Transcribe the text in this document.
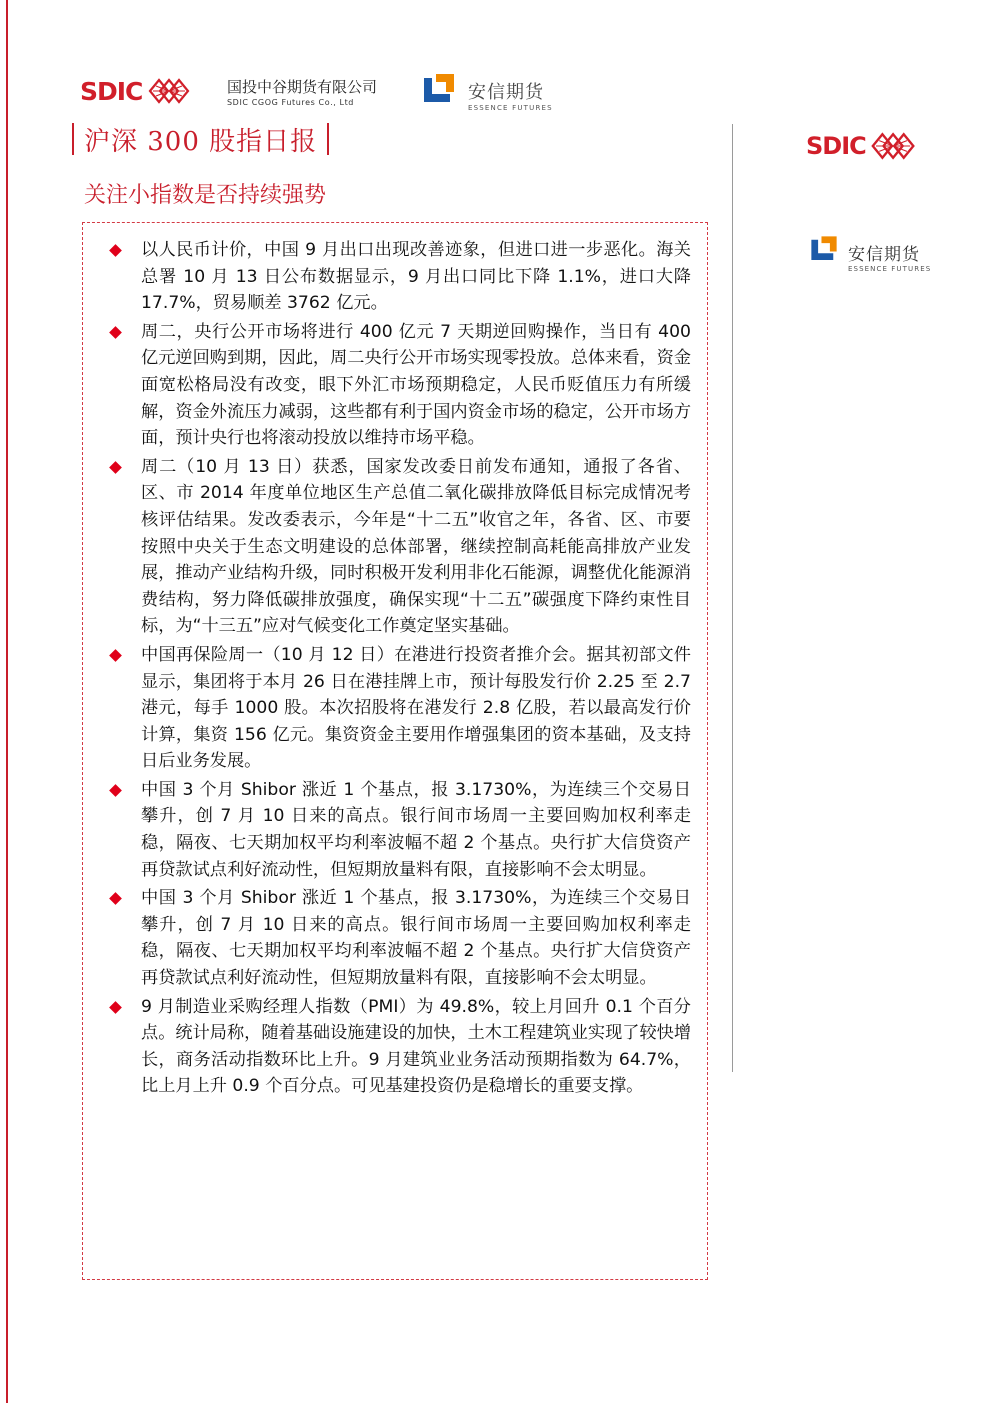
SDIC	国投中谷期货有限公司
SDIC CGOG Futures Co., Ltd	安信期货
ESSENCE FUTURES
沪深 300 股指日报
关注小指数是否持续强势
以人民币计价，中国 9 月出口出现改善迹象，但进口进一步恶化。海关总署 10 月 13 日公布数据显示，9 月出口同比下降 1.1%，进口大降 17.7%，贸易顺差 3762 亿元。
周二，央行公开市场将进行 400 亿元 7 天期逆回购操作，当日有 400 亿元逆回购到期，因此，周二央行公开市场实现零投放。总体来看，资金面宽松格局没有改变，眼下外汇市场预期稳定，人民币贬值压力有所缓解，资金外流压力减弱，这些都有利于国内资金市场的稳定，公开市场方面，预计央行也将滚动投放以维持市场平稳。
周二（10 月 13 日）获悉，国家发改委日前发布通知，通报了各省、区、市 2014 年度单位地区生产总值二氧化碳排放降低目标完成情况考核评估结果。发改委表示，今年是“十二五”收官之年，各省、区、市要按照中央关于生态文明建设的总体部署，继续控制高耗能高排放产业发展，推动产业结构升级，同时积极开发利用非化石能源，调整优化能源消费结构，努力降低碳排放强度，确保实现“十二五”碳强度下降约束性目标，为“十三五”应对气候变化工作奠定坚实基础。
中国再保险周一（10 月 12 日）在港进行投资者推介会。据其初部文件显示，集团将于本月 26 日在港挂牌上市，预计每股发行价 2.25 至 2.7 港元，每手 1000 股。本次招股将在港发行 2.8 亿股，若以最高发行价计算，集资 156 亿元。集资资金主要用作增强集团的资本基础，及支持日后业务发展。
中国 3 个月 Shibor 涨近 1 个基点，报 3.1730%，为连续三个交易日攀升，创 7 月 10 日来的高点。银行间市场周一主要回购加权利率走稳，隔夜、七天期加权平均利率波幅不超 2 个基点。央行扩大信贷资产再贷款试点利好流动性，但短期放量料有限，直接影响不会太明显。
中国 3 个月 Shibor 涨近 1 个基点，报 3.1730%，为连续三个交易日攀升，创 7 月 10 日来的高点。银行间市场周一主要回购加权利率走稳，隔夜、七天期加权平均利率波幅不超 2 个基点。央行扩大信贷资产再贷款试点利好流动性，但短期放量料有限，直接影响不会太明显。
9 月制造业采购经理人指数（PMI）为 49.8%，较上月回升 0.1 个百分点。统计局称，随着基础设施建设的加快，土木工程建筑业实现了较快增长，商务活动指数环比上升。9 月建筑业业务活动预期指数为 64.7%，比上月上升 0.9 个百分点。可见基建投资仍是稳增长的重要支撑。
SDIC
安信期货
ESSENCE FUTURES
